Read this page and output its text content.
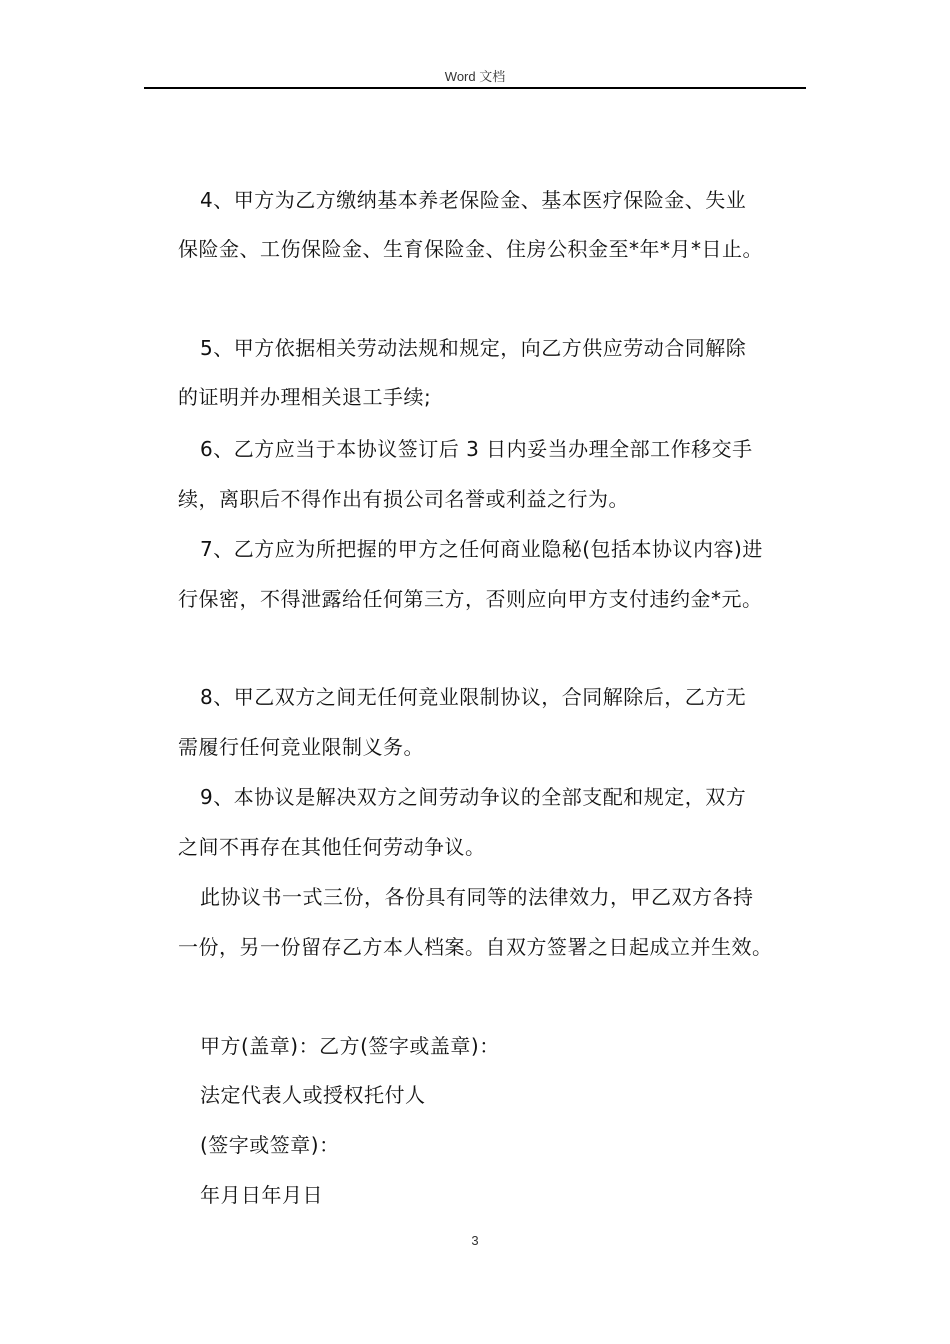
Word 文档
4、甲方为乙方缴纳基本养老保险金、基本医疗保险金、失业
保险金、工伤保险金、生育保险金、住房公积金至*年*月*日止。
5、甲方依据相关劳动法规和规定，向乙方供应劳动合同解除
的证明并办理相关退工手续;
6、乙方应当于本协议签订后 3 日内妥当办理全部工作移交手
续，离职后不得作出有损公司名誉或利益之行为。
7、乙方应为所把握的甲方之任何商业隐秘(包括本协议内容)进
行保密，不得泄露给任何第三方，否则应向甲方支付违约金*元。
8、甲乙双方之间无任何竞业限制协议，合同解除后，乙方无
需履行任何竞业限制义务。
9、本协议是解决双方之间劳动争议的全部支配和规定，双方
之间不再存在其他任何劳动争议。
此协议书一式三份，各份具有同等的法律效力，甲乙双方各持
一份，另一份留存乙方本人档案。自双方签署之日起成立并生效。
甲方(盖章)：乙方(签字或盖章)：
法定代表人或授权托付人
(签字或签章)：
年月日年月日
3
